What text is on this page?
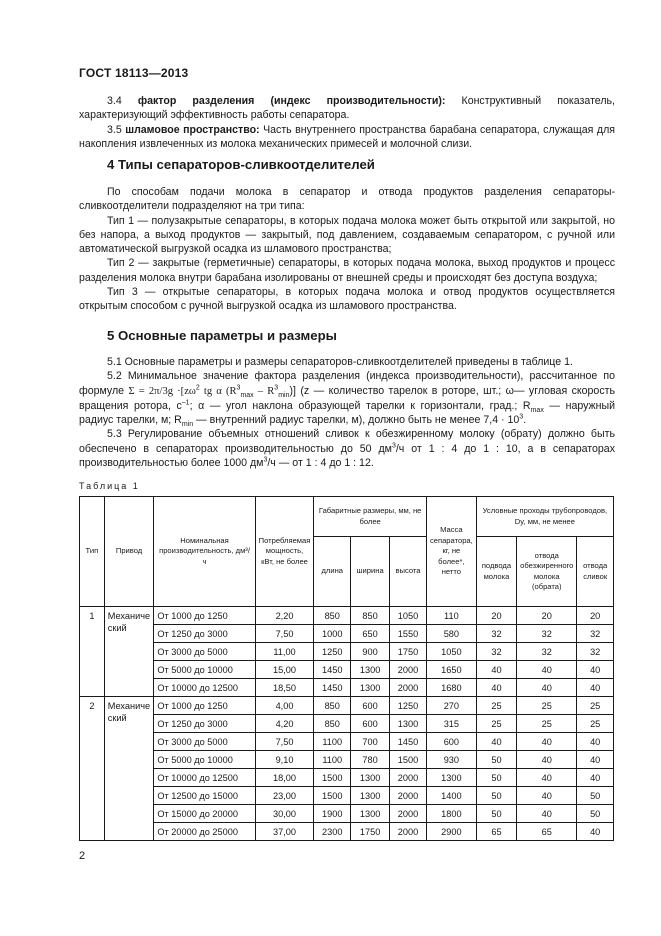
ГОСТ 18113—2013

3.4 фактор разделения (индекс производительности): Конструктивный показатель, характеризующий эффективность работы сепаратора.

3.5 шламовое пространство: Часть внутреннего пространства барабана сепаратора, служащая для накопления извлеченных из молока механических примесей и молочной слизи.

4 Типы сепараторов-сливкоотделителей

По способам подачи молока в сепаратор и отвода продуктов разделения сепараторы-сливкоотделители подразделяют на три типа:

Тип 1 — полузакрытые сепараторы, в которых подача молока может быть открытой или закрытой, но без напора, а выход продуктов — закрытый, под давлением, создаваемым сепаратором, с ручной или автоматической выгрузкой осадка из шламового пространства;

Тип 2 — закрытые (герметичные) сепараторы, в которых подача молока, выход продуктов и процесс разделения молока внутри барабана изолированы от внешней среды и происходят без доступа воздуха;

Тип 3 — открытые сепараторы, в которых подача молока и отвод продуктов осуществляется открытым способом с ручной выгрузкой осадка из шламового пространства.

5 Основные параметры и размеры

5.1 Основные параметры и размеры сепараторов-сливкоотделителей приведены в таблице 1.

5.2 Минимальное значение фактора разделения (индекса производительности), рассчитанное по формуле $\Sigma = 2\pi/3g \cdot[z\omega^2$ tg α $(R^3_{max} - R^3_{min})$] (z — количество тарелок в роторе, шт.; ω— угловая скорость вращения ротора, $с^{-1}$; α — угол наклона образующей тарелки к горизонтали, град.; $R_{max}$ — наружный радиус тарелки, м; $R_{min}$ — внутренний радиус тарелки, м), должно быть не менее $7,4 \cdot 10^3$.

5.3 Регулирование объемных отношений сливок к обезжиренному молоку (обрату) должно быть обеспечено в сепараторах производительностью до 50 $дм^3/ч$ от 1 : 4 до 1 : 10, а в сепараторах производительностью более 1000 $дм^3/ч$ — от 1 : 4 до 1 : 12.

Таблица 1
Тип	Привод	Номинальная производительность, дм³/ч	Потребляемая мощность, кВт, не более	Габаритные размеры, мм, не более			Масса сепаратора, кг, не более*, нетто	Условные проходы трубопроводов, Dy, мм, не менее		
				длина	ширина	высота		подвода молока	отвода обезжиренного молока (обрата)	отвода сливок
1	Механический	От 1000 до 1250	2,20	850	850	1050	110	20	20	20
		От 1250 до 3000	7,50	1000	650	1550	580	32	32	32
		От 3000 до 5000	11,00	1250	900	1750	1050	32	32	32
		От 5000 до 10000	15,00	1450	1300	2000	1650	40	40	40
		От 10000 до 12500	18,50	1450	1300	2000	1680	40	40	40
2	Механический	От 1000 до 1250	4,00	850	600	1250	270	25	25	25
		От 1250 до 3000	4,20	850	600	1300	315	25	25	25
		От 3000 до 5000	7,50	1100	700	1450	600	40	40	40
		От 5000 до 10000	9,10	1100	780	1500	930	50	40	40
		От 10000 до 12500	18,00	1500	1300	2000	1300	50	40	40
		От 12500 до 15000	23,00	1500	1300	2000	1400	50	40	50
		От 15000 до 20000	30,00	1900	1300	2000	1800	50	40	50
		От 20000 до 25000	37,00	2300	1750	2000	2900	65	65	40
2
